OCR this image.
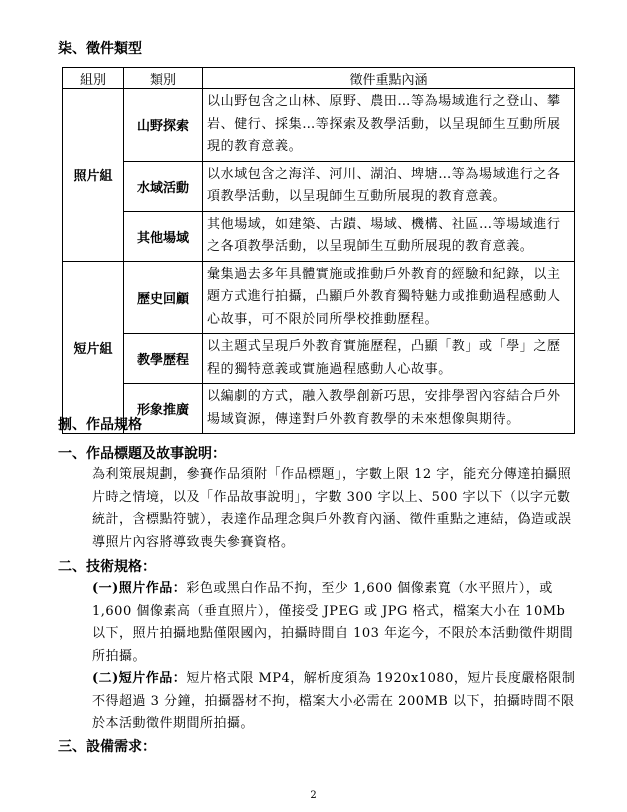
柒、徵件類型
組別	類別	徵件重點內涵
照片組	山野探索	以山野包含之山林、原野、農田…等為場域進行之登山、攀岩、健行、採集…等探索及教學活動，以呈現師生互動所展現的教育意義。
	水域活動	以水域包含之海洋、河川、湖泊、埤塘…等為場域進行之各項教學活動，以呈現師生互動所展現的教育意義。
	其他場域	其他場域，如建築、古蹟、場域、機構、社區…等場域進行之各項教學活動，以呈現師生互動所展現的教育意義。
短片組	歷史回顧	彙集過去多年具體實施或推動戶外教育的經驗和紀錄，以主題方式進行拍攝，凸顯戶外教育獨特魅力或推動過程感動人心故事，可不限於同所學校推動歷程。
	教學歷程	以主題式呈現戶外教育實施歷程，凸顯「教」或「學」之歷程的獨特意義或實施過程感動人心故事。
	形象推廣	以編劇的方式，融入教學創新巧思，安排學習內容結合戶外場域資源，傳達對戶外教育教學的未來想像與期待。
捌、作品規格
一、作品標題及故事說明：
為利策展規劃，參賽作品須附「作品標題」，字數上限 12 字，能充分傳達拍攝照片時之情境，以及「作品故事說明」，字數 300 字以上、500 字以下（以字元數統計，含標點符號），表達作品理念與戶外教育內涵、徵件重點之連結，偽造或誤導照片內容將導致喪失參賽資格。
二、技術規格：
(一)照片作品：彩色或黑白作品不拘，至少 1,600 個像素寬（水平照片），或 1,600 個像素高（垂直照片），僅接受 JPEG 或 JPG 格式，檔案大小在 10Mb 以下，照片拍攝地點僅限國內，拍攝時間自 103 年迄今，不限於本活動徵件期間所拍攝。
(二)短片作品：短片格式限 MP4，解析度須為 1920x1080，短片長度嚴格限制不得超過 3 分鐘，拍攝器材不拘，檔案大小必需在 200MB 以下，拍攝時間不限於本活動徵件期間所拍攝。
三、設備需求：
2
